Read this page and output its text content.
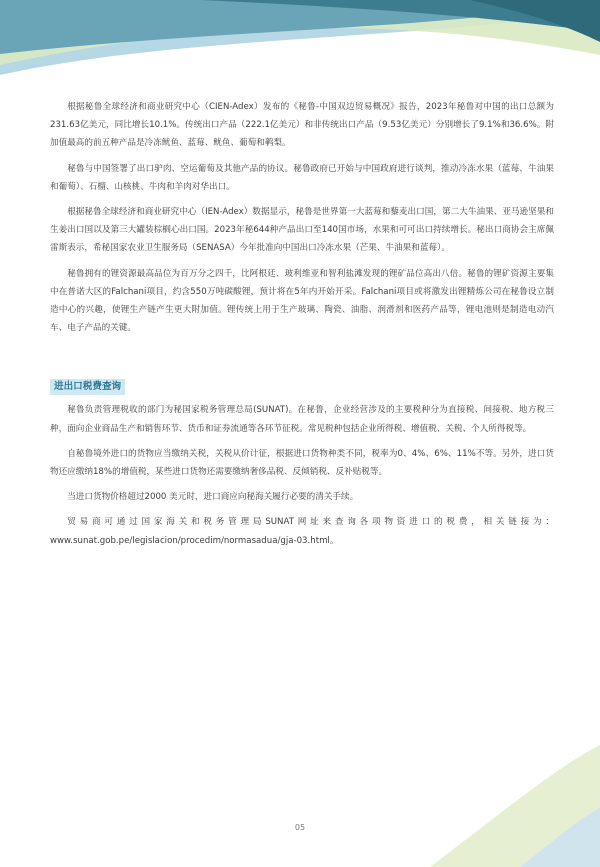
根据秘鲁全球经济和商业研究中心（CIEN-Adex）发布的《秘鲁-中国双边贸易概况》报告，2023年秘鲁对中国的出口总额为231.63亿美元，同比增长10.1%。传统出口产品（222.1亿美元）和非传统出口产品（9.53亿美元）分别增长了9.1%和36.6%。附加值最高的前五种产品是冷冻鱿鱼、蓝莓、鱿鱼、葡萄和鹌梨。

秘鲁与中国签署了出口驴肉、空运葡萄及其他产品的协议。秘鲁政府已开始与中国政府进行谈判，推动冷冻水果（蓝莓、牛油果和葡萄）、石榴、山核桃、牛肉和羊肉对华出口。

根据秘鲁全球经济和商业研究中心（IEN-Adex）数据显示，秘鲁是世界第一大蓝莓和藜麦出口国，第二大牛油果、亚马逊坚果和生姜出口国以及第三大罐装棕榈心出口国。2023年秘644种产品出口至140国市场，水果和可可出口持续增长。秘出口商协会主席佩雷斯表示，希秘国家农业卫生服务局（SENASA）今年批准向中国出口冷冻水果（芒果、牛油果和蓝莓）。

秘鲁拥有的锂资源最高品位为百万分之四千，比阿根廷、玻利维亚和智利盐滩发现的锂矿品位高出八倍。秘鲁的锂矿资源主要集中在普诺大区的Falchani项目，约含550万吨碳酸锂，预计将在5年内开始开采。Falchani项目或将激发出锂精炼公司在秘鲁设立制造中心的兴趣，使锂生产链产生更大附加值。锂传统上用于生产玻璃、陶瓷、油脂、润滑剂和医药产品等，锂电池则是制造电动汽车、电子产品的关键。

进出口税费查询

秘鲁负责管理税收的部门为秘国家税务管理总局(SUNAT)。在秘鲁，企业经营涉及的主要税种分为直接税、间接税、地方税三种，面向企业商品生产和销售环节、货币和证券流通等各环节征税。常见税种包括企业所得税、增值税、关税、个人所得税等。

自秘鲁境外进口的货物应当缴纳关税，关税从价计征，根据进口货物种类不同，税率为0、4%、6%、11%不等。另外，进口货物还应缴纳18%的增值税，某些进口货物还需要缴纳奢侈品税、反倾销税、反补贴税等。

当进口货物价格超过2000 美元时，进口商应向秘海关履行必要的清关手续。

贸易商可通过国家海关和税务管理局SUNAT网址来查询各项物资进口的税费，相关链接为：www.sunat.gob.pe/legislacion/procedim/normasadua/gja-03.html。

05
